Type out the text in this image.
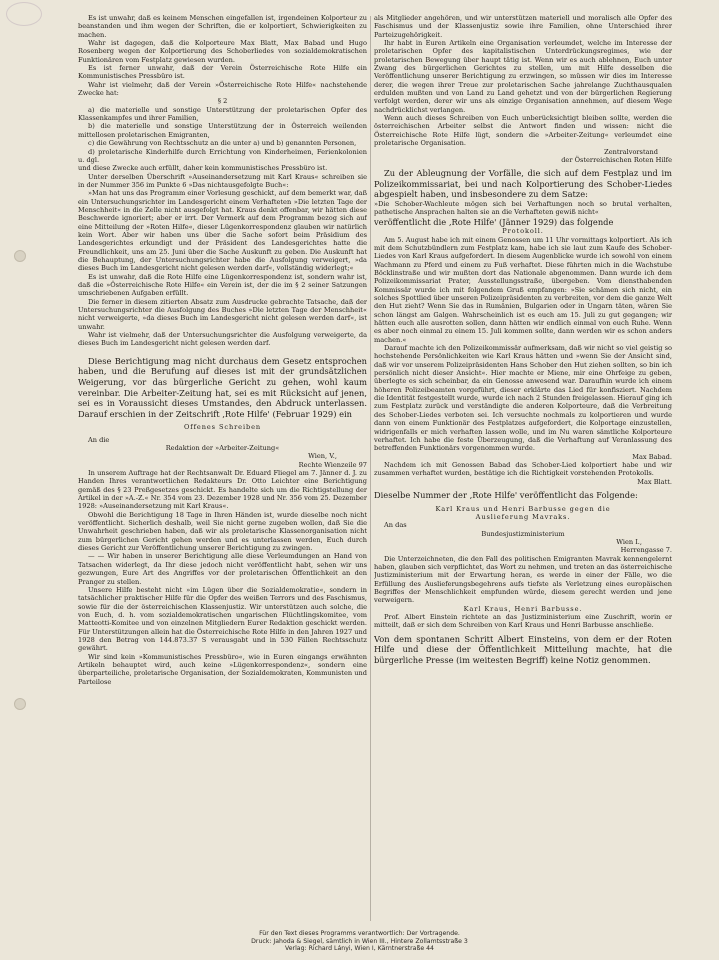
Es ist unwahr, daß es keinem Menschen eingefallen ist, irgendeinen Kolporteur zu beanstanden und ihm wegen der Schriften, die er kolportiert, Schwierigkeiten zu machen.

Wahr ist dagegen, daß die Kolporteure Max Blatt, Max Babad und Hugo Rosenberg wegen der Kolportierung des Schoberliedes von sozialdemokratischen Funktionären vom Festplatz gewiesen wurden.

Es ist ferner unwahr, daß der Verein Österreichische Rote Hilfe ein Kommunistisches Pressbüro ist.

Wahr ist vielmehr, daß der Verein »Österreichische Rote Hilfe« nachstehende Zwecke hat:

§ 2

a) die materielle und sonstige Unterstützung der proletarischen Opfer des Klassenkampfes und ihrer Familien,

b) die materielle und sonstige Unterstützung der in Österreich weilenden mittellosen proletarischen Emigranten,

c) die Gewährung von Rechtsschutz an die unter a) und b) genannten Personen,

d) proletarische Kinderhilfe durch Errichtung von Kinderheimen, Ferienkolonien u. dgl.

und diese Zwecke auch erfüllt, daher kein kommunistisches Pressbüro ist.

Unter derselben Überschrift »Auseinandersetzung mit Karl Kraus« schreiben sie in der Nummer 356 im Punkte 6 »Das nichtausgefolgte Buch«:

»Man hat uns das Programm einer Vorlesung geschickt, auf dem bemerkt war, daß ein Untersuchungsrichter im Landesgericht einem Verhafteten »Die letzten Tage der Menschheit« in die Zelle nicht ausgefolgt hat. Kraus denkt offenbar, wir hätten diese Beschwerde ignoriert; aber er irrt. Der Vermerk auf dem Programm bezog sich auf eine Mitteilung der »Roten Hilfe«, dieser Lügenkorrespondenz glauben wir natürlich kein Wort. Aber wir haben uns über die Sache sofort beim Präsidium des Landesgerichtes erkundigt und der Präsident des Landesgerichtes hatte die Freundlichkeit, uns am 25. Juni über die Sache Auskunft zu geben. Die Auskunft hat die Behauptung, der Untersuchungsrichter habe die Ausfolgung verweigert, »da dieses Buch im Landesgericht nicht gelesen werden darf«, vollständig widerlegt;«

Es ist unwahr, daß die Rote Hilfe eine Lügenkorrespondenz ist, sondern wahr ist, daß die »Österreichische Rote Hilfe« ein Verein ist, der die im § 2 seiner Satzungen umschriebenen Aufgaben erfüllt.

Die ferner in diesem zitierten Absatz zum Ausdrucke gebrachte Tatsache, daß der Untersuchungsrichter die Ausfolgung des Buches »Die letzten Tage der Menschheit« nicht verweigerte, »da dieses Buch im Landesgericht nicht gelesen werden darf«, ist unwahr.

Wahr ist vielmehr, daß der Untersuchungsrichter die Ausfolgung verweigerte, da dieses Buch im Landesgericht nicht gelesen werden darf.

Diese Berichtigung mag nicht durchaus dem Gesetz entsprochen haben, und die Berufung auf dieses ist mit der grundsätzlichen Weigerung, vor das bürgerliche Gericht zu gehen, wohl kaum vereinbar. Die Arbeiter-Zeitung hat, sei es mit Rücksicht auf jenen, sei es in Voraussicht dieses Umstandes, den Abdruck unterlassen. Darauf erschien in der Zeitschrift ‚Rote Hilfe' (Februar 1929) ein

Offenes Schreiben

An die

Redaktion der »Arbeiter-Zeitung«

Wien, V.,

Rechte Wienzeile 97

In unserem Auftrage hat der Rechtsanwalt Dr. Eduard Fliegel am 7. Jänner d. J. zu Handen Ihres verantwortlichen Redakteurs Dr. Otto Leichter eine Berichtigung gemäß des § 23 Preßgesetzes geschickt. Es handelte sich um die Richtigstellung der Artikel in der »A.-Z.« Nr. 354 vom 23. Dezember 1928 und Nr. 356 vom 25. Dezember 1928: »Auseinandersetzung mit Karl Kraus«.

Obwohl die Berichtigung 18 Tage in Ihren Händen ist, wurde dieselbe noch nicht veröffentlicht. Sicherlich deshalb, weil Sie nicht gerne zugeben wollen, daß Sie die Unwahrheit geschrieben haben, daß wir als proletarische Klassenorganisation nicht zum bürgerlichen Gericht gehen werden und es unterlassen werden, Euch durch dieses Gericht zur Veröffentlichung unserer Berichtigung zu zwingen.

— — Wir haben in unserer Berichtigung alle diese Verleumdungen an Hand von Tatsachen widerlegt, da Ihr diese jedoch nicht veröffentlicht habt, sehen wir uns gezwungen, Eure Art des Angriffes vor der proletarischen Öffentlichkeit an den Pranger zu stellen.

Unsere Hilfe besteht nicht »im Lügen über die Sozialdemokratie«, sondern in tatsächlicher praktischer Hilfe für die Opfer des weißen Terrors und des Faschismus, sowie für die der österreichischen Klassenjustiz. Wir unterstützen auch solche, die von Euch, d. h. vom sozialdemokratischen ungarischen Flüchtlingskomitee, vom Matteotti-Komitee und von einzelnen Mitgliedern Eurer Redaktion geschickt werden. Für Unterstützungen allein hat die Österreichische Rote Hilfe in den Jahren 1927 und 1928 den Betrag von 144.873.37 S verausgabt und in 530 Fällen Rechtsschutz gewährt.

Wir sind kein »Kommunistisches Pressbüro«, wie in Euren eingangs erwähnten Artikeln behauptet wird, auch keine »Lügenkorrespondenz«, sondern eine überparteiliche, proletarische Organisation, der Sozialdemokraten, Kommunisten und Parteilose

als Mitglieder angehören, und wir unterstützen materiell und moralisch alle Opfer des Faschismus und der Klassenjustiz sowie ihre Familien, ohne Unterschied ihrer Parteizugehörigkeit.

Ihr habt in Euren Artikeln eine Organisation verleumdet, welche im Interesse der proletarischen Opfer des kapitalistischen Unterdrückungsregimes, wie der proletarischen Bewegung über haupt tätig ist. Wenn wir es auch ablehnen, Euch unter Zwang des bürgerlichen Gerichtes zu stellen, um mit Hilfe desselben die Veröffentlichung unserer Berichtigung zu erzwingen, so müssen wir dies im Interesse derer, die wegen ihrer Treue zur proletarischen Sache jahrelange Zuchthausqualen erdulden mußten und von Land zu Land gehetzt und von der bürgerlichen Regierung verfolgt werden, derer wir uns als einzige Organisation annehmen, auf diesem Wege nachdrücklichst verlangen.

Wenn auch dieses Schreiben von Euch unberücksichtigt bleiben sollte, werden die österreichischen Arbeiter selbst die Antwort finden und wissen: nicht die Österreichische Rote Hilfe lügt, sondern die »Arbeiter-Zeitung« verleumdet eine proletarische Organisation.

Zentralvorstand

der Österreichischen Roten Hilfe

Zu der Ableugnung der Vorfälle, die sich auf dem Festplaz und im Polizeikommissariat, bei und nach Kolportierung des Schober-Liedes abgespielt haben, und insbesondere zu dem Satze:

»Die Schober-Wachleute mögen sich bei Verhaftungen noch so brutal verhalten, pathetische Ansprachen halten sie an die Verhafteten gewiß nicht«

veröffentlicht die ‚Rote Hilfe' (Jänner 1929) das folgende

Protokoll.

Am 5. August habe ich mit einem Genossen um 11 Uhr vormittags kolportiert. Als ich mit dem Schutzbündlern zum Festplatz kam, habe ich sie laut zum Kaufe des Schober-Liedes von Karl Kraus aufgefordert. In diesem Augenblicke wurde ich sowohl von einem Wachmann zu Pferd und einem zu Fuß verhaftet. Diese führten mich in die Wachstube Böcklinstraße und wir mußten dort das Nationale abgenommen. Dann wurde ich dem Polizeikommissariat Prater, Ausstellungsstraße, übergeben. Vom diensthabenden Kommissär wurde ich mit folgendem Gruß empfangen: »Sie schämen sich nicht, ein solches Spottlied über unseren Polizeipräsidenten zu verbreiten, vor dem die ganze Welt den Hut zieht? Wenn Sie das in Rumänien, Bulgarien oder in Ungarn täten, wären Sie schon längst am Galgen. Wahrscheinlich ist es euch am 15. Juli zu gut gegangen; wir hätten euch alle ausrotten sollen, dann hätten wir endlich einmal von euch Ruhe. Wenn es aber noch einmal zu einem 15. Juli kommen sollte, dann werden wir es schon anders machen.«

Darauf machte ich den Polizeikommissär aufmerksam, daß wir nicht so viel geistig so hochstehende Persönlichkeiten wie Karl Kraus hätten und »wenn Sie der Ansicht sind, daß wir vor unserem Polizeipräsidenten Hans Schober den Hut ziehen sollten, so bin ich persönlich nicht dieser Ansicht«. Hier machte er Miene, mir eine Ohrfeige zu geben, überlegte es sich scheinbar, da ein Genosse anwesend war. Daraufhin wurde ich einem höheren Polizeibeamten vorgeführt, dieser erklärte das Lied für konfisziert. Nachdem die Identität festgestellt wurde, wurde ich nach 2 Stunden freigelassen. Hierauf ging ich zum Festplatz zurück und verständigte die anderen Kolporteure, daß die Verbreitung des Schober-Liedes verboten sei. Ich versuchte nochmals zu kolportieren und wurde dann von einem Funktionär des Festplatzes aufgefordert, die Kolportage einzustellen, widrigenfalls er mich verhaften lassen wolle, und im Nu waren sämtliche Kolporteure verhaftet. Ich habe die feste Überzeugung, daß die Verhaftung auf Veranlassung des betreffenden Funktionärs vorgenommen wurde.

Max Babad.

Nachdem ich mit Genossen Babad das Schober-Lied kolportiert habe und wir zusammen verhaftet wurden, bestätige ich die Richtigkeit vorstehenden Protokolls.

Max Blatt.

Dieselbe Nummer der ‚Rote Hilfe' veröffentlicht das Folgende:

Karl Kraus und Henri Barbusse gegen die

Auslieferung Mavraks.

An das

Bundesjustizministerium

Wien I.,

Herrengasse 7.

Die Unterzeichneten, die den Fall des politischen Emigranten Mavrak kennengelernt haben, glauben sich verpflichtet, das Wort zu nehmen, und treten an das österreichische Justizministerium mit der Erwartung heran, es werde in einer der Fälle, wo die Erfüllung des Auslieferungsbegehrens aufs tiefste als Verletzung eines europäischen Begriffes der Menschlichkeit empfunden würde, diesem gerecht werden und jene verweigern.

Karl Kraus, Henri Barbusse.

Prof. Albert Einstein richtete an das Justizministerium eine Zuschrift, worin er mitteilt, daß er sich dem Schreiben von Karl Kraus und Henri Barbusse anschließe.

Von dem spontanen Schritt Albert Einsteins, von dem er der Roten Hilfe und diese der Öffentlichkeit Mitteilung machte, hat die bürgerliche Presse (im weitesten Begriff) keine Notiz genommen.

Für den Text dieses Programms verantwortlich: Der Vortragende.
Druck: Jahoda & Siegel, sämtlich in Wien III., Hintere Zollamtsstraße 3
Verlag: Richard Lányi, Wien I, Kärntnerstraße 44
